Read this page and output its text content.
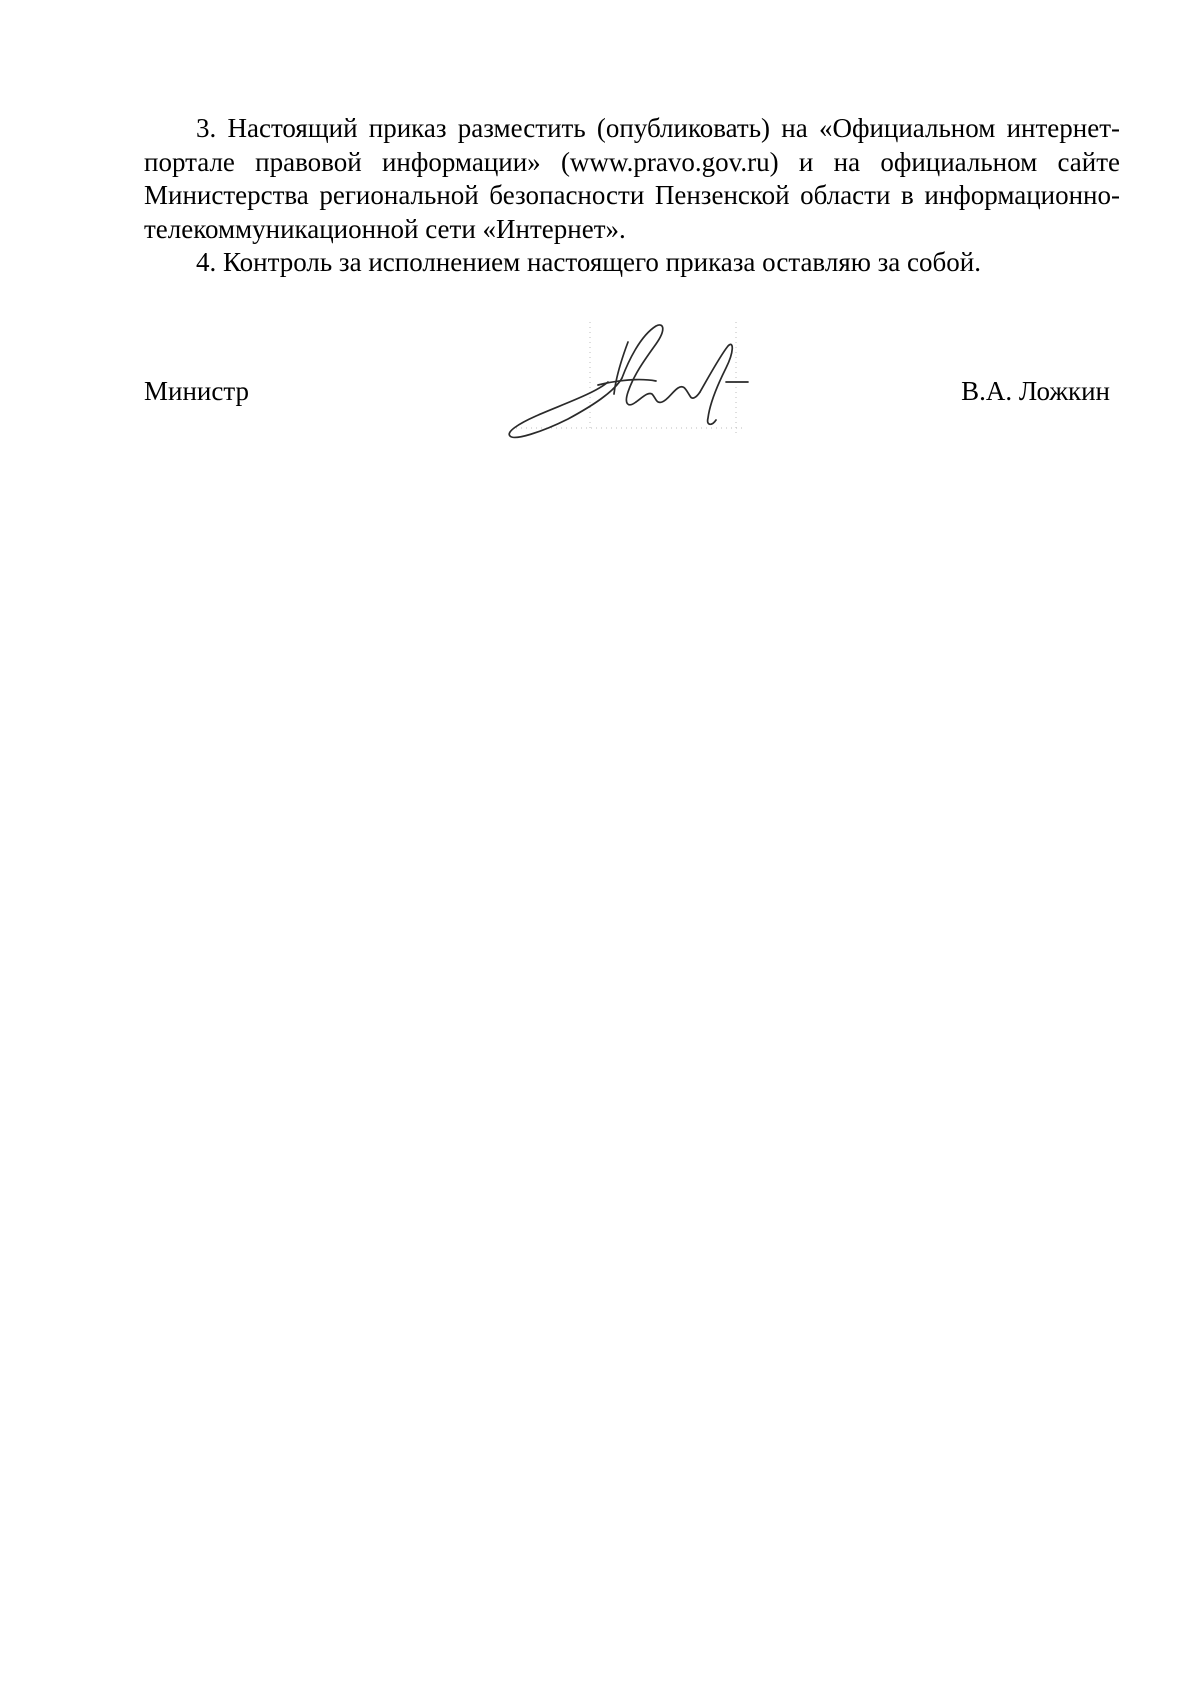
3. Настоящий приказ разместить (опубликовать) на «Официальном интернет-портале правовой информации» (www.pravo.gov.ru) и на официальном сайте Министерства региональной безопасности Пензенской области в информационно-телекоммуникационной сети «Интернет».

4. Контроль за исполнением настоящего приказа оставляю за собой.

Министр	В.А. Ложкин
